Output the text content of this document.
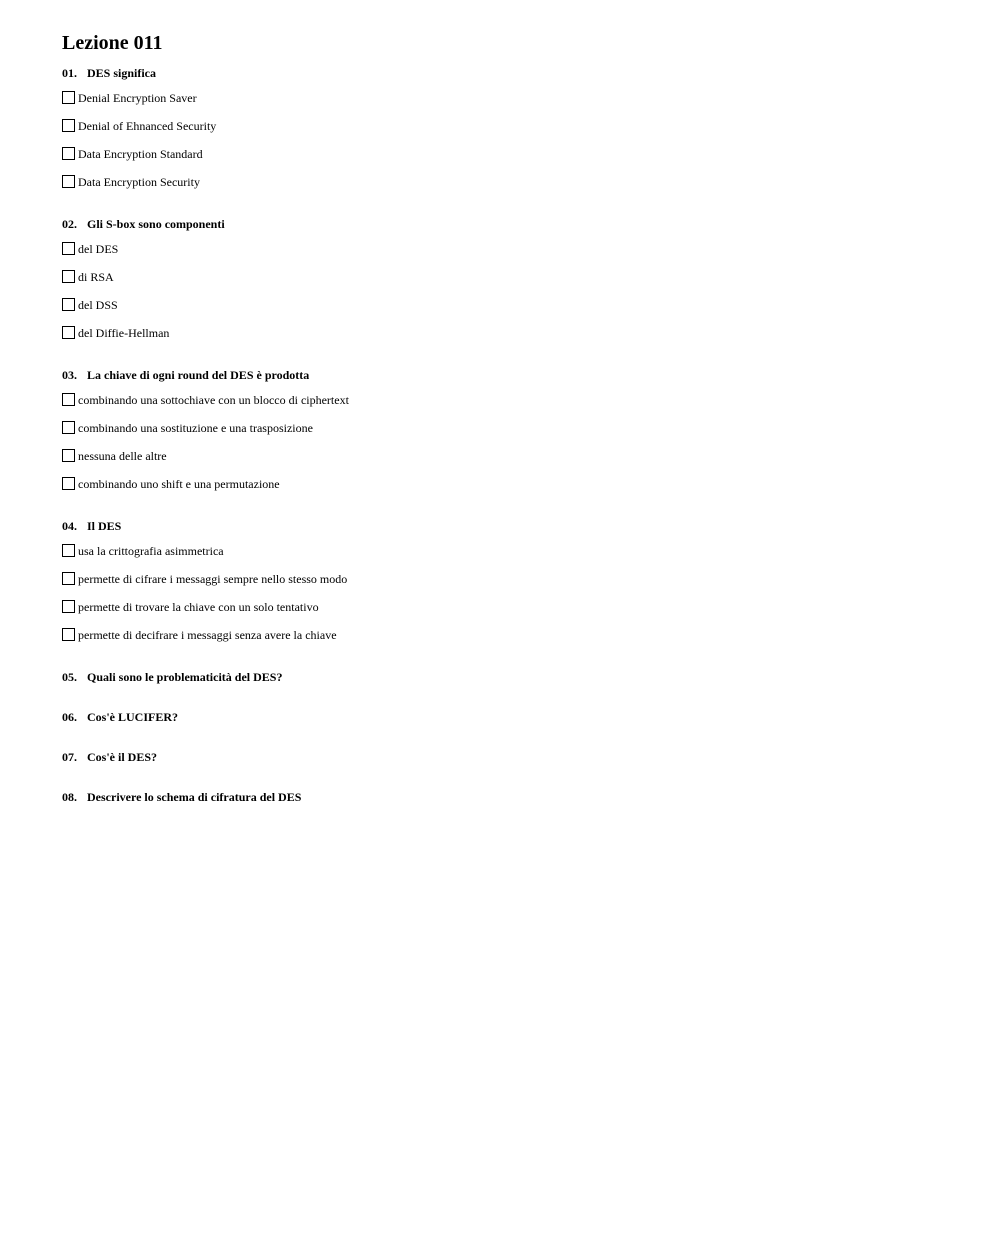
Lezione 011
01. DES significa
Denial Encryption Saver
Denial of Ehnanced Security
Data Encryption Standard
Data Encryption Security
02. Gli S-box sono componenti
del DES
di RSA
del DSS
del Diffie-Hellman
03. La chiave di ogni round del DES è prodotta
combinando una sottochiave con un blocco di ciphertext
combinando una sostituzione e una trasposizione
nessuna delle altre
combinando uno shift e una permutazione
04. Il DES
usa la crittografia asimmetrica
permette di cifrare i messaggi sempre nello stesso modo
permette di trovare la chiave con un solo tentativo
permette di decifrare i messaggi senza avere la chiave
05. Quali sono le problematicità del DES?
06. Cos'è LUCIFER?
07. Cos'è il DES?
08. Descrivere lo schema di cifratura del DES
